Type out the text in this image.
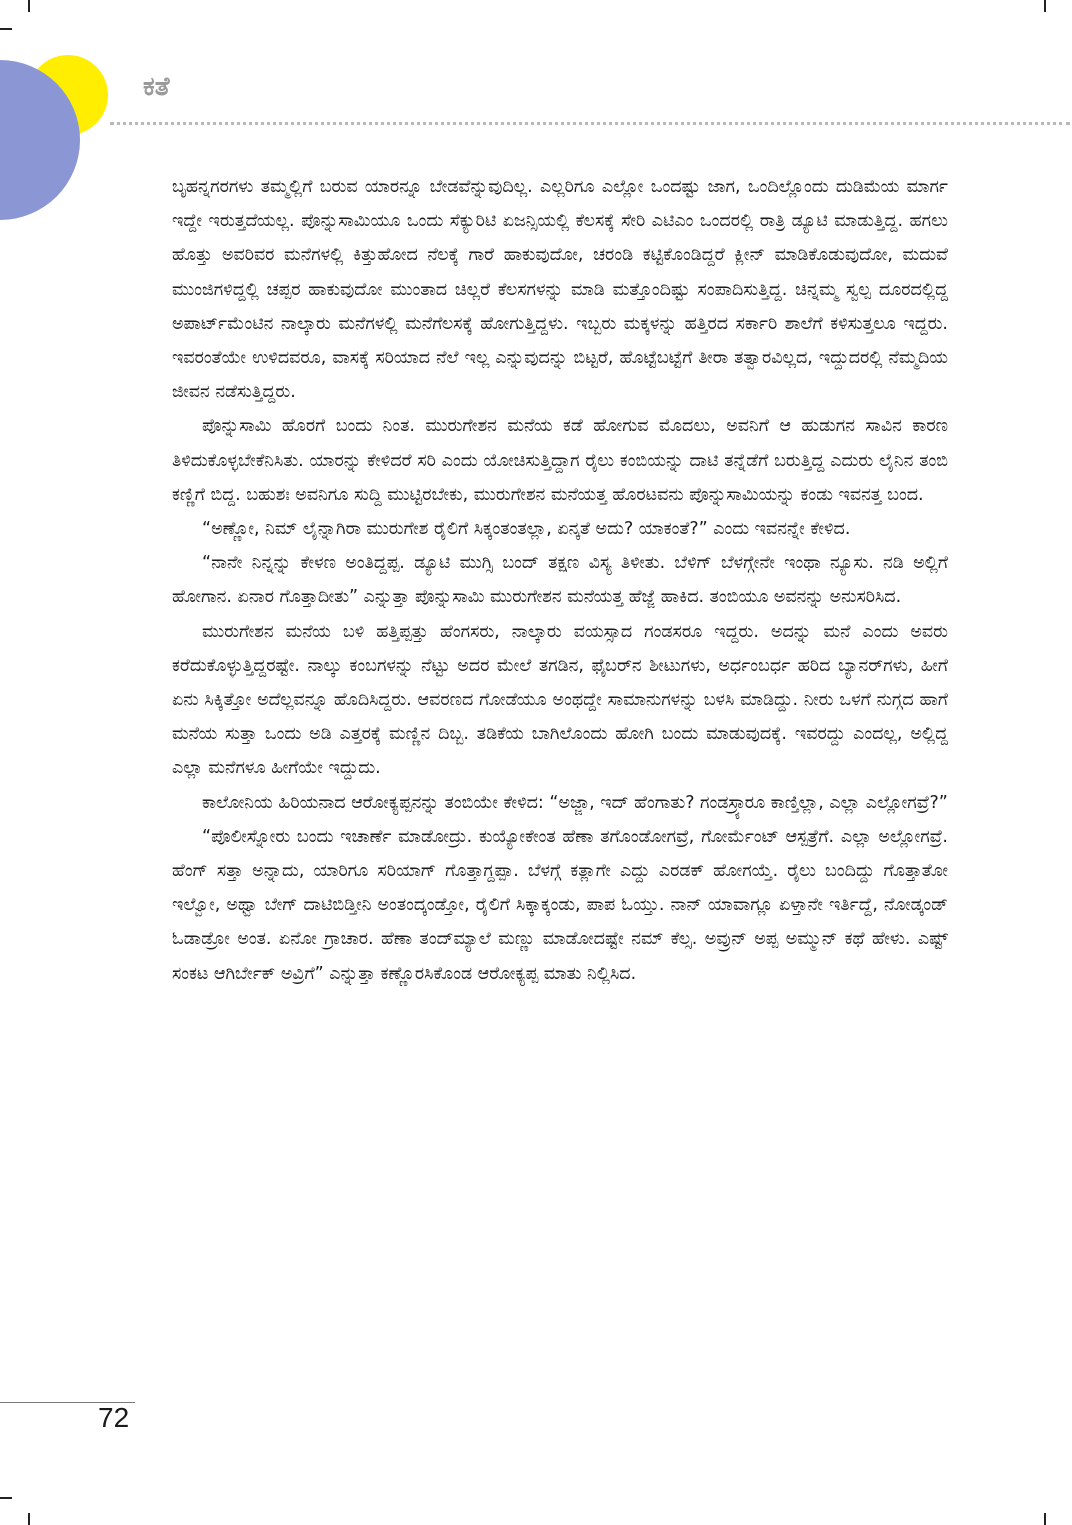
ಕತೆ

ಬೃಹನ್ನಗರಗಳು ತಮ್ಮಲ್ಲಿಗೆ ಬರುವ ಯಾರನ್ನೂ ಬೇಡವೆನ್ನುವುದಿಲ್ಲ. ಎಲ್ಲರಿಗೂ ಎಲ್ಲೋ ಒಂದಷ್ಟು ಜಾಗ, ಒಂದಿಲ್ಲೊಂದು ದುಡಿಮೆಯ ಮಾರ್ಗ ಇದ್ದೇ ಇರುತ್ತದೆಯಲ್ಲ. ಪೊನ್ನುಸಾಮಿಯೂ ಒಂದು ಸೆಕ್ಯುರಿಟಿ ಏಜನ್ಸಿಯಲ್ಲಿ ಕೆಲಸಕ್ಕೆ ಸೇರಿ ಎಟಿಎಂ ಒಂದರಲ್ಲಿ ರಾತ್ರಿ ಡ್ಯೂಟಿ ಮಾಡುತ್ತಿದ್ದ. ಹಗಲು ಹೊತ್ತು ಅವರಿವರ ಮನೆಗಳಲ್ಲಿ ಕಿತ್ತುಹೋದ ನೆಲಕ್ಕೆ ಗಾರೆ ಹಾಕುವುದೋ, ಚರಂಡಿ ಕಟ್ಟಿಕೊಂಡಿದ್ದರೆ ಕ್ಲೀನ್ ಮಾಡಿಕೊಡುವುದೋ, ಮದುವೆ ಮುಂಜಿಗಳಿದ್ದಲ್ಲಿ ಚಪ್ಪರ ಹಾಕುವುದೋ ಮುಂತಾದ ಚಿಲ್ಲರೆ ಕೆಲಸಗಳನ್ನು ಮಾಡಿ ಮತ್ತೊಂದಿಷ್ಟು ಸಂಪಾದಿಸುತ್ತಿದ್ದ. ಚಿನ್ನಮ್ಮ ಸ್ವಲ್ಪ ದೂರದಲ್ಲಿದ್ದ ಅಪಾರ್ಟ್‌ಮೆಂಟಿನ ನಾಲ್ಕಾರು ಮನೆಗಳಲ್ಲಿ ಮನೆಗೆಲಸಕ್ಕೆ ಹೋಗುತ್ತಿದ್ದಳು. ಇಬ್ಬರು ಮಕ್ಕಳನ್ನು ಹತ್ತಿರದ ಸರ್ಕಾರಿ ಶಾಲೆಗೆ ಕಳಿಸುತ್ತಲೂ ಇದ್ದರು. ಇವರಂತೆಯೇ ಉಳಿದವರೂ, ವಾಸಕ್ಕೆ ಸರಿಯಾದ ನೆಲೆ ಇಲ್ಲ ಎನ್ನುವುದನ್ನು ಬಿಟ್ಟರೆ, ಹೊಟ್ಟೆಬಟ್ಟೆಗೆ ತೀರಾ ತತ್ವಾರವಿಲ್ಲದ, ಇದ್ದುದರಲ್ಲಿ ನೆಮ್ಮದಿಯ ಜೀವನ ನಡೆಸುತ್ತಿದ್ದರು.

ಪೊನ್ನುಸಾಮಿ ಹೊರಗೆ ಬಂದು ನಿಂತ. ಮುರುಗೇಶನ ಮನೆಯ ಕಡೆ ಹೋಗುವ ಮೊದಲು, ಅವನಿಗೆ ಆ ಹುಡುಗನ ಸಾವಿನ ಕಾರಣ ತಿಳಿದುಕೊಳ್ಳಬೇಕೆನಿಸಿತು. ಯಾರನ್ನು ಕೇಳಿದರೆ ಸರಿ ಎಂದು ಯೋಚಿಸುತ್ತಿದ್ದಾಗ ರೈಲು ಕಂಬಿಯನ್ನು ದಾಟಿ ತನ್ನೆಡೆಗೆ ಬರುತ್ತಿದ್ದ ಎದುರು ಲೈನಿನ ತಂಬಿ ಕಣ್ಣಿಗೆ ಬಿದ್ದ. ಬಹುಶಃ ಅವನಿಗೂ ಸುದ್ದಿ ಮುಟ್ಟಿರಬೇಕು, ಮುರುಗೇಶನ ಮನೆಯತ್ತ ಹೊರಟವನು ಪೊನ್ನುಸಾಮಿಯನ್ನು ಕಂಡು ಇವನತ್ತ ಬಂದ.

“ಅಣ್ಣೋ, ನಿಮ್ ಲೈನ್ನಾಗಿರಾ ಮುರುಗೇಶ ರೈಲಿಗೆ ಸಿಕ್ಕಂತಂತಲ್ಲಾ, ಏನ್ಕತೆ ಅದು? ಯಾಕಂತೆ?” ಎಂದು ಇವನನ್ನೇ ಕೇಳಿದ.

“ನಾನೇ ನಿನ್ನನ್ನು ಕೇಳಣ ಅಂತಿದ್ದಪ್ಪ. ಡ್ಯೂಟಿ ಮುಗ್ಸಿ ಬಂದ್ ತಕ್ಷಣ ವಿಸ್ಯ ತಿಳೀತು. ಬೆಳಿಗ್ ಬೆಳಗ್ಗೇನೇ ಇಂಥಾ ನ್ಯೂಸು. ನಡಿ ಅಲ್ಲಿಗೆ ಹೋಗಾನ. ಏನಾರ ಗೊತ್ತಾದೀತು” ಎನ್ನುತ್ತಾ ಪೊನ್ನುಸಾಮಿ ಮುರುಗೇಶನ ಮನೆಯತ್ತ ಹೆಜ್ಜೆ ಹಾಕಿದ. ತಂಬಿಯೂ ಅವನನ್ನು ಅನುಸರಿಸಿದ.

ಮುರುಗೇಶನ ಮನೆಯ ಬಳಿ ಹತ್ತಿಪ್ಪತ್ತು ಹೆಂಗಸರು, ನಾಲ್ಕಾರು ವಯಸ್ಸಾದ ಗಂಡಸರೂ ಇದ್ದರು. ಅದನ್ನು ಮನೆ ಎಂದು ಅವರು ಕರೆದುಕೊಳ್ಳುತ್ತಿದ್ದರಷ್ಟೇ. ನಾಲ್ಕು ಕಂಬಗಳನ್ನು ನೆಟ್ಟು ಅದರ ಮೇಲೆ ತಗಡಿನ, ಫೈಬರ್‌ನ ಶೀಟುಗಳು, ಅರ್ಧಂಬರ್ಧ ಹರಿದ ಬ್ಯಾನರ್‌ಗಳು, ಹೀಗೆ ಏನು ಸಿಕ್ಕಿತ್ತೋ ಅದೆಲ್ಲವನ್ನೂ ಹೊದಿಸಿದ್ದರು. ಆವರಣದ ಗೋಡೆಯೂ ಅಂಥದ್ದೇ ಸಾಮಾನುಗಳನ್ನು ಬಳಸಿ ಮಾಡಿದ್ದು. ನೀರು ಒಳಗೆ ನುಗ್ಗದ ಹಾಗೆ ಮನೆಯ ಸುತ್ತಾ ಒಂದು ಅಡಿ ಎತ್ತರಕ್ಕೆ ಮಣ್ಣಿನ ದಿಬ್ಬ. ತಡಿಕೆಯ ಬಾಗಿಲೊಂದು ಹೋಗಿ ಬಂದು ಮಾಡುವುದಕ್ಕೆ. ಇವರದ್ದು ಎಂದಲ್ಲ, ಅಲ್ಲಿದ್ದ ಎಲ್ಲಾ ಮನೆಗಳೂ ಹೀಗೆಯೇ ಇದ್ದುದು.

ಕಾಲೋನಿಯ ಹಿರಿಯನಾದ ಆರೋಕ್ಯಪ್ಪನನ್ನು ತಂಬಿಯೇ ಕೇಳಿದ: “ಅಜ್ಜಾ, ಇದ್ ಹೆಂಗಾತು? ಗಂಡಸ್ರ್ಯಾರೂ ಕಾಣ್ತಿಲ್ಲಾ, ಎಲ್ಲಾ ಎಲ್ಲೋಗವ್ರೆ?”

“ಪೊಲೀಸ್ನೋರು ಬಂದು ಇಚಾರ್ಣೆ ಮಾಡೋದ್ರು. ಕುಯ್ಯೋಕೇಂತ ಹೆಣಾ ತಗೊಂಡೋಗವ್ರೆ, ಗೋರ್ಮೆಂಟ್ ಆಸ್ಪತ್ರೆಗೆ. ಎಲ್ಲಾ ಅಲ್ಲೋಗವ್ರೆ. ಹೆಂಗ್ ಸತ್ತಾ ಅನ್ನಾದು, ಯಾರಿಗೂ ಸರಿಯಾಗ್ ಗೊತ್ತಾಗ್ದಪ್ಪಾ. ಬೆಳಗ್ಗೆ ಕತ್ಲಾಗೇ ಎದ್ದು ಎರಡಕ್ ಹೋಗಯ್ತೆ. ರೈಲು ಬಂದಿದ್ದು ಗೊತ್ತಾತೋ ಇಲ್ವೋ, ಅಥ್ವಾ ಬೇಗ್ ದಾಟಿಬಿಡ್ತೀನಿ ಅಂತಂದ್ಕಂಡ್ತೋ, ರೈಲಿಗೆ ಸಿಕ್ಕಾಕ್ಕಂಡು, ಪಾಪ ಓಯ್ತು. ನಾನ್ ಯಾವಾಗ್ಲೂ ಏಳ್ತಾನೇ ಇರ್ತಿದ್ದೆ, ನೋಡ್ಕಂಡ್ ಓಡಾಡ್ರೋ ಅಂತ. ಏನೋ ಗ್ರಾಚಾರ. ಹೆಣಾ ತಂದ್‌ಮ್ಯಾಲೆ ಮಣ್ಣು ಮಾಡೋದಷ್ಟೇ ನಮ್ ಕೆಲ್ಸ. ಅವ್ರುನ್ ಅಪ್ಪ ಅಮ್ಮುನ್ ಕಥೆ ಹೇಳು. ಎಷ್ಟ್ ಸಂಕಟ ಆಗಿರ್ಬೇಕ್ ಅವ್ರಿಗೆ” ಎನ್ನುತ್ತಾ ಕಣ್ಣೊರಸಿಕೊಂಡ ಆರೋಕ್ಯಪ್ಪ ಮಾತು ನಿಲ್ಲಿಸಿದ.

72
